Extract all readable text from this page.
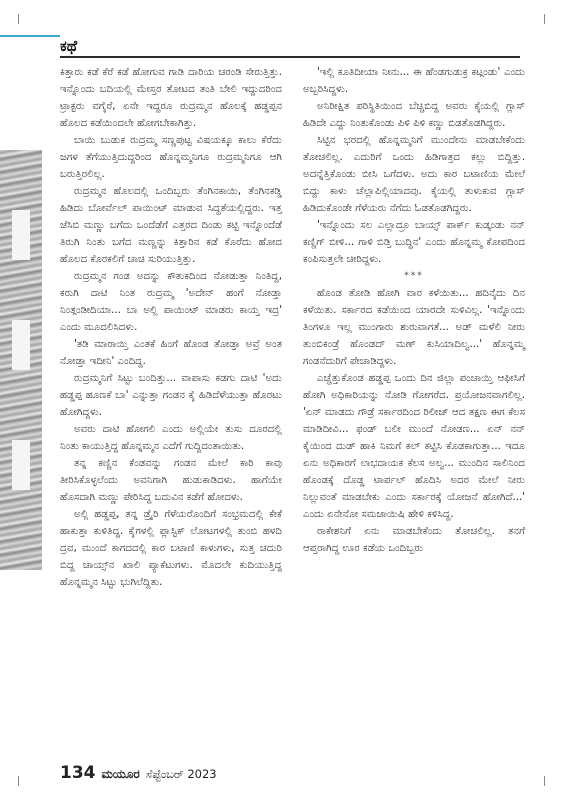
ಕಥೆ

ಕಿತ್ತಾರು ಕಡೆ ಕೆರೆ ಕಡೆ ಹೋಗುವ ಗಾಡಿ ದಾರಿಯ ಚರಂಡಿ ಸೇರುತ್ತಿತ್ತು. ಇನ್ನೊಂದು ಬದಿಯಲ್ಲಿ ಮೇಸ್ತರ ತೋಟದ ತಂತಿ ಬೇಲಿ ಇದ್ದುದರಿಂದ ಟ್ರಾಕ್ಟರು ವಗೈರೆ, ಏನೇ ಇದ್ದರೂ ರುದ್ರಮ್ಮನ ಹೊಲಕ್ಕೆ ಹಡ್ಡಪ್ಪನ ಹೊಲದ ಕಡೆಯಿಂದಲೇ ಹೋಗಬೇಕಾಗಿತ್ತು.

ಬಾಯಿ ಬುಡುಕ ರುದ್ರಮ್ಮ ಸಣ್ಣಪುಟ್ಟ ವಿಷಯಕ್ಕೂ ಕಾಲು ಕೆರೆದು ಜಗಳ ತೆಗೆಯುತ್ತಿದುದ್ದರಿಂದ ಹೊನ್ನಮ್ಮನಿಗೂ ರುದ್ರಮ್ಮನಿಗೂ ಆಗಿ ಬರುತ್ತಿರಲಿಲ್ಲ.

ರುದ್ರಮ್ಮನ ಹೊಲದಲ್ಲಿ ಒಂದಿಬ್ಬರು ತೆಂಗಿನಕಾಯಿ, ತೆಂಗಿನಕಡ್ಡಿ ಹಿಡಿದು ಬೋರ್ವೆಲ್ ಪಾಯಿಂಟ್ ಮಾಡುವ ಸಿದ್ಧತೆಯಲ್ಲಿದ್ದರು. ಇತ್ತ ಜೆಸಿಬಿ ಮಣ್ಣು ಬಗೆದು ಒಂದೆಡೆಗೆ ಎತ್ತರದ ದಿಂಡು ಕಟ್ಟಿ ಇನ್ನೊಂದೆಡೆ ತಿರುಗಿ ನಿಂತು ಬಗೆದ ಮಣ್ಣನ್ನು ಕಿತ್ತಾರಿನ ಕಡೆ ಕೊರೆದು ಹೋದ ಹೊಲದ ಕೊರಕಲಿಗೆ ಚಾಚಿ ಸುರಿಯುತ್ತಿತ್ತು.

ರುದ್ರಮ್ಮನ ಗಂಡ ಅದನ್ನು ಕೌತುಕದಿಂದ ನೋಡುತ್ತಾ ನಿಂತಿದ್ದ, ಕರುಗಿ ದಾಟಿ ನಿಂತ ರುದ್ರಮ್ಮ 'ಅದೇನ್ ಹಂಗೆ ನೋಡ್ತಾ ನಿಂತ್ಗಂಡೀದಿಯಾ... ಬಾ ಅಲ್ಲಿ ಪಾಯಿಂಟ್ ಮಾಡರು ಕಾಯ್ತ ಇದ್ರ' ಎಂದು ಮೂದಲಿಸಿದಳು.

'ತಡಿ ಮಾರಾಯ್ತಿ ಎಂತಕೆ ಹಿಂಗೆ ಹೊಂಡ ತೋಡ್ತಾ ಅವ್ರೆ ಅಂತ ನೋಡ್ತಾ ಇದೀನಿ' ಎಂದಿದ್ದ.

ರುದ್ರಮ್ಮನಿಗೆ ಸಿಟ್ಟು ಬಂದಿತ್ತು... ವಾಪಾಸು ಕಡಗು ದಾಟಿ 'ಅದು ಹಡ್ಡಪ್ಪ ಹೂಣಕೆ ಬಾ' ಎನ್ನುತ್ತಾ ಗಂಡನ ಕೈ ಹಿಡಿದೆಳೆಯುತ್ತಾ ಹೊರಟು ಹೋಗಿದ್ದಳು.

ಅವರು ದಾಟಿ ಹೋಗಲಿ ಎಂದು ಅಲ್ಲಿಯೇ ತುಸು ದೂರದಲ್ಲಿ ನಿಂತು ಕಾಯುತ್ತಿದ್ದ ಹೊನ್ನಮ್ಮನ ಎದೆಗೆ ಗುದ್ದಿದಂತಾಯಿತು.

ತನ್ನ ಕಣ್ಣಿನ ಕೆಂಡವನ್ನು ಗಂಡನ ಮೇಲೆ ಕಾರಿ ಕಾವು ತೀರಿಸಿಕೊಳ್ಳಲೆಂದು ಅವನಿಗಾಗಿ ಹುಡುಕಾಡಿದಳು. ಹಾಗೆಯೇ ಹೊಸದಾಗಿ ಮಣ್ಣು ಪೇರಿಸಿದ್ದ ಬದುವಿನ ಕಡೆಗೆ ಹೋದಳು.

ಅಲ್ಲಿ ಹಡ್ಡಪ್ಪ, ತನ್ನ ಡ್ರೈರಿ ಗೆಳೆಯರೊಂದಿಗೆ ಸಂಭ್ರಮದಲ್ಲಿ ಕೇಕೆ ಹಾಕುತ್ತಾ ಕುಳಿತಿದ್ದ. ಕೈಗಳಲ್ಲಿ ಪ್ಲಾಸ್ಟಿಕ್ ಲೋಟಗಳಲ್ಲಿ ತುಂಬಿ ಹಳದಿ ದ್ರವ, ಮುಂದೆ ಕಾಗದದಲ್ಲಿ ಕಾರ ಬಟಾಣಿ ಕಾಳುಗಳು, ಸುತ್ತ ಚದುರಿ ಬಿದ್ದ ಚಾಯ್ಸ್‌ನ ಖಾಲಿ ಪ್ಯಾಕೆಟುಗಳು. ಮೊದಲೇ ಕುದಿಯುತ್ತಿದ್ದ ಹೊನ್ನಮ್ಮನ ಸಿಟ್ಟು ಭುಗಿಲೆದ್ದಿತು.

'ಇಲ್ಲಿ ಕೂತಿದೀಯಾ ನೀನು... ಈ ಹೆಂಡಗುಡುಕ್ರ ಕಟ್ಗಂಡು' ಎಂದು ಅಬ್ಬರಿಸಿದ್ದಳು.

ಅನಿರೀಕ್ಷಿತ ಪರಿಸ್ಥಿತಿಯಿಂದ ಬೆಚ್ಚಿಬಿದ್ದ ಅವರು ಕೈಯಲ್ಲಿ ಗ್ಲಾಸ್ ಹಿಡಿದೇ ಎದ್ದು ನಿಂತುಕೊಂಡು ಪಿಳಿ ಪಿಳಿ ಕಣ್ಣು ಬಿಡತೊಡಗಿದ್ದರು.

ಸಿಟ್ಟಿನ ಭರದಲ್ಲಿ ಹೊನ್ನಮ್ಮನಿಗೆ ಮುಂದೇನು ಮಾಡಬೇಕೆಂದು ತೋಚಲಿಲ್ಲ. ಎದುರಿಗೆ ಒಂದು ಹಿಡಿಗಾತ್ರದ ಕಲ್ಲು ಬಿದ್ದಿತ್ತು. ಅದನ್ನೆತ್ತಿಕೊಂಡು ಬೀಸಿ ಒಗೆದಳು. ಅದು ಕಾರ ಬಟಾಣಿಯ ಮೇಲೆ ಬಿದ್ದು ಕಾಳು ಚೆಲ್ಲಾಪಿಲ್ಲಿಯಾದವು. ಕೈಯಲ್ಲಿ ತುಳುಕುವ ಗ್ಲಾಸ್ ಹಿಡಿದುಕೊಂಡೇ ಗೆಳೆಯರು ನೆಗೆದು ಓಡತೊಡಗಿದ್ದರು.

'ಇನ್ನೊಂದು ಸಲ ಎಲ್ಲಾದ್ರೂ ಬಾಯ್ಸ್ ಪಾರ್ಕ್ ಕುಡ್ಕಂಡು ನನ್ ಕಣ್ಣಿಗ್ ಬೀಳಿ... ಗಾಳಿ ಬಿಡ್ತಿ ಬುದ್ಧಿನ' ಎಂದು ಹೊನ್ನಮ್ಮ ಕೋಪದಿಂದ ಕಂಪಿಸುತ್ತಲೇ ಚೀರಿದ್ದಳು.

***

ಹೊಂಡ ತೋಡಿ ಹೋಗಿ ವಾರ ಕಳೆಯಿತು... ಹದಿನೈದು ದಿನ ಕಳೆಯಿತು. ಸರ್ಕಾರದ ಕಡೆಯಿಂದ ಯಾರದೇ ಸುಳಿವಿಲ್ಲ. 'ಇನ್ನೊಂದು ತಿಂಗಳೂ ಇಲ್ಲ ಮುಂಗಾರು ಶುರುವಾಗತೆ... ಅಡ್ ಮಳೆಲಿ ನೀರು ತುಂಬಿಕಂಡ್ರೆ ಹೊಂಡದ್ ಮಣ್ ಕುಸಿಯಾದಿಲ್ವ...' ಹೊನ್ನಮ್ಮ ಗಂಡನೆದುರಿಗೆ ಪೇಚಾಡಿದ್ದಳು.

ಎಚ್ಚೆತ್ತುಕೊಂಡ ಹಡ್ಡಪ್ಪ ಒಂದು ದಿನ ಜಿಲ್ಲಾ ಪಂಚಾಯ್ತಿ ಆಫೀಸಿಗೆ ಹೋಗಿ ಅಧಿಕಾರಿಯನ್ನು ನೋಡಿ ಗೋಗರೆದ. ಪ್ರಯೋಜನವಾಗಲಿಲ್ಲ. 'ಏನ್ ಮಾಡದು ಗೌಡ್ರೆ ಸರ್ಕಾರದಿಂದ ರಿಲೀಜ್ ಆದ ತಕ್ಷಣ ಈಗ ಕೆಲಸ ಮಾಡಿದೀವಿ... ಫಂಡ್ ಬಲೀ ಮುಂದೆ ನೋಡಣ... ಏನ್ ನನ್ ಕೈಯಿಂದ ದುಡ್ ಹಾಕಿ ನಿಮಗೆ ಕಲ್ ಕಟ್ಟಿಸಿ ಕೊಡಕಾಗುತ್ತಾ... ಇದೂ ಏನು ಅಧಿಕಾರಗೆ ಲಾಭದಾಯಕ ಕೆಲಸ ಅಲ್ವ... ಮುಂದಿನ ಸಾಲಿನಿಂದ ಹೊಂಡಕ್ಕೆ ದೊಡ್ಡ ಟಾರ್ಪಲ್ ಹೊದಿಸಿ ಅದರ ಮೇಲೆ ನೀರು ನಿಲ್ಲುವಂತೆ ಮಾಡಬೇಕು ಎಂದು ಸರ್ಕಾರಕ್ಕೆ ಯೋಜನೆ ಹೋಗಿದೆ...' ಎಂದು ಏನೇನೋ ಸಮಜಾಯಿಷಿ ಹೇಳಿ ಕಳಿಸಿದ್ದ.

ರಾಕೇಶನಿಗೆ ಏನು ಮಾಡಬೇಕೆಂದು ತೋಚಲಿಲ್ಲ. ತನಗೆ ಆಪ್ತರಾಗಿದ್ದ ಊರ ಕಡೆಯ ಒಂದಿಬ್ಬರು

134 ಮಯೂರ ಸೆಪ್ಟೆಂಬರ್ 2023
